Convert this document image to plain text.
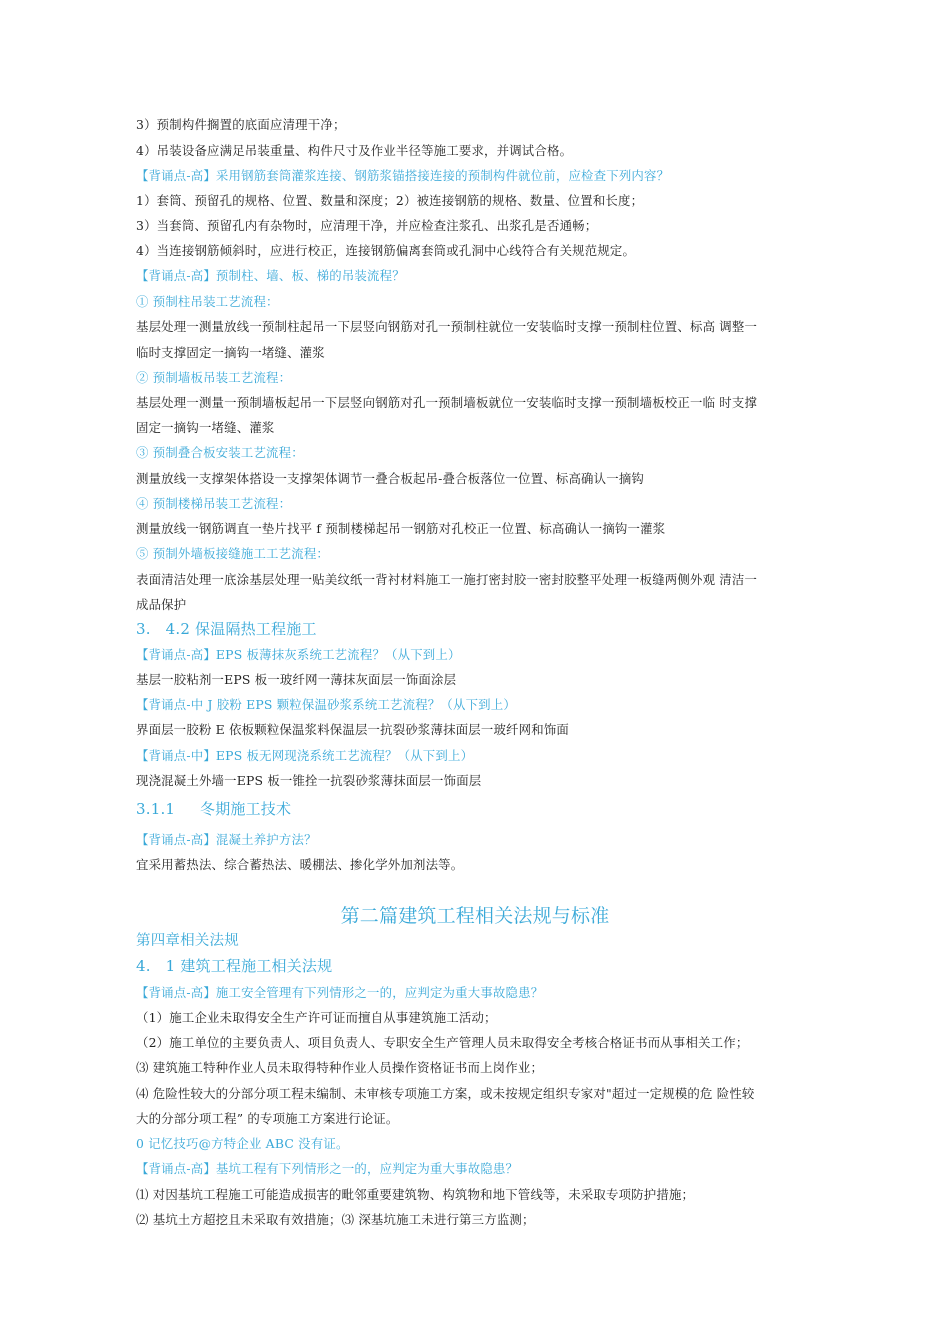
3）预制构件搁置的底面应清理干净；
4）吊装设备应满足吊装重量、构件尺寸及作业半径等施工要求，并调试合格。
【背诵点-高】采用钢筋套筒灌浆连接、钢筋浆锚搭接连接的预制构件就位前，应检查下列内容？
1）套筒、预留孔的规格、位置、数量和深度；2）被连接钢筋的规格、数量、位置和长度；
3）当套筒、预留孔内有杂物时，应清理干净，并应检查注浆孔、出浆孔是否通畅；
4）当连接钢筋倾斜时，应进行校正，连接钢筋偏离套筒或孔洞中心线符合有关规范规定。
【背诵点-高】预制柱、墙、板、梯的吊装流程？
① 预制柱吊装工艺流程：
基层处理一测量放线一预制柱起吊一下层竖向钢筋对孔一预制柱就位一安装临时支撑一预制柱位置、标高 调整一
临时支撑固定一摘钩一堵缝、灌浆
② 预制墙板吊装工艺流程：
基层处理一测量一预制墙板起吊一下层竖向钢筋对孔一预制墙板就位一安装临时支撑一预制墙板校正一临 时支撑
固定一摘钩一堵缝、灌浆
③ 预制叠合板安装工艺流程：
测量放线一支撑架体搭设一支撑架体调节一叠合板起吊-叠合板落位一位置、标高确认一摘钩
④ 预制楼梯吊装工艺流程：
测量放线一钢筋调直一垫片找平 f 预制楼梯起吊一钢筋对孔校正一位置、标高确认一摘钩一灌浆
⑤ 预制外墙板接缝施工工艺流程：
表面清洁处理一底涂基层处理一贴美纹纸一背衬材料施工一施打密封胶一密封胶整平处理一板缝两侧外观 清洁一
成品保护
3.   4.2 保温隔热工程施工
【背诵点-高】EPS 板薄抹灰系统工艺流程？（从下到上）
基层一胶粘剂一EPS 板一玻纤网一薄抹灰面层一饰面涂层
【背诵点-中 J 胶粉 EPS 颗粒保温砂浆系统工艺流程？（从下到上）
界面层一胶粉 E 依板颗粒保温浆料保温层一抗裂砂浆薄抹面层一玻纤网和饰面
【背诵点-中】EPS 板无网现浇系统工艺流程？（从下到上）
现浇混凝土外墙一EPS 板一锥拴一抗裂砂浆薄抹面层一饰面层
3.1.1     冬期施工技术
【背诵点-高】混凝土养护方法？
宜采用蓄热法、综合蓄热法、暖棚法、掺化学外加剂法等。
第二篇建筑工程相关法规与标准
第四章相关法规
4.   1 建筑工程施工相关法规
【背诵点-高】施工安全管理有下列情形之一的，应判定为重大事故隐患？
（1）施工企业未取得安全生产许可证而擅自从事建筑施工活动；
（2）施工单位的主要负责人、项目负责人、专职安全生产管理人员未取得安全考核合格证书而从事相关工作；
⑶ 建筑施工特种作业人员未取得特种作业人员操作资格证书而上岗作业；
⑷ 危险性较大的分部分项工程未编制、未审核专项施工方案，或未按规定组织专家对"超过一定规模的危 险性较
大的分部分项工程” 的专项施工方案进行论证。
0 记忆技巧@方特企业 ABC 没有证。
【背诵点-高】基坑工程有下列情形之一的，应判定为重大事故隐患？
⑴ 对因基坑工程施工可能造成损害的毗邻重要建筑物、构筑物和地下管线等，未采取专项防护措施；
⑵ 基坑土方超挖且未采取有效措施；⑶ 深基坑施工未进行第三方监测；
